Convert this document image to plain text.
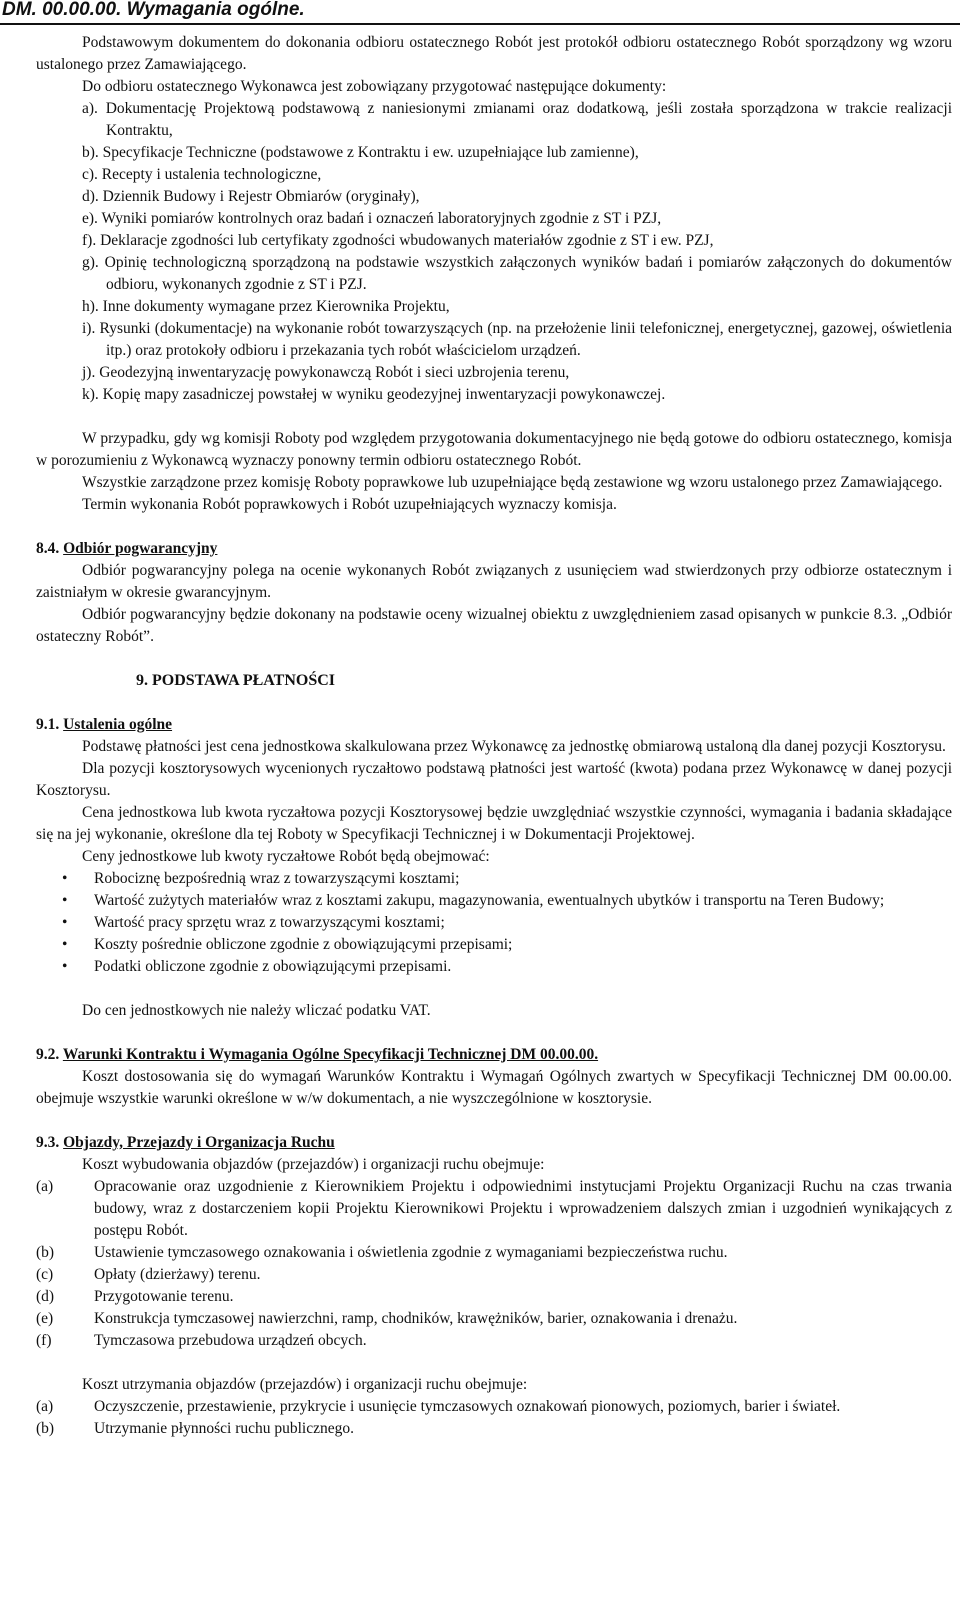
DM. 00.00.00. Wymagania ogólne.

Podstawowym dokumentem do dokonania odbioru ostatecznego Robót jest protokół odbioru ostatecznego Robót sporządzony wg wzoru ustalonego przez Zamawiającego.

Do odbioru ostatecznego Wykonawca jest zobowiązany przygotować następujące dokumenty:

a). Dokumentację Projektową podstawową z naniesionymi zmianami oraz dodatkową, jeśli została sporządzona w trakcie realizacji Kontraktu,
b). Specyfikacje Techniczne (podstawowe z Kontraktu i ew. uzupełniające lub zamienne),
c). Recepty i ustalenia technologiczne,
d). Dziennik Budowy i Rejestr Obmiarów (oryginały),
e). Wyniki pomiarów kontrolnych oraz badań i oznaczeń laboratoryjnych zgodnie z ST i PZJ,
f). Deklaracje zgodności lub certyfikaty zgodności wbudowanych materiałów zgodnie z ST i ew. PZJ,
g). Opinię technologiczną sporządzoną na podstawie wszystkich załączonych wyników badań i pomiarów załączonych do dokumentów odbioru, wykonanych zgodnie z ST i PZJ.
h). Inne dokumenty wymagane przez Kierownika Projektu,
i). Rysunki (dokumentacje) na wykonanie robót towarzyszących (np. na przełożenie linii telefonicznej, energetycznej, gazowej, oświetlenia itp.) oraz protokoły odbioru i przekazania tych robót właścicielom urządzeń.
j). Geodezyjną inwentaryzację powykonawczą Robót i sieci uzbrojenia terenu,
k). Kopię mapy zasadniczej powstałej w wyniku geodezyjnej inwentaryzacji powykonawczej.

W przypadku, gdy wg komisji Roboty pod względem przygotowania dokumentacyjnego nie będą gotowe do odbioru ostatecznego, komisja w porozumieniu z Wykonawcą wyznaczy ponowny termin odbioru ostatecznego Robót.

Wszystkie zarządzone przez komisję Roboty poprawkowe lub uzupełniające będą zestawione wg wzoru ustalonego przez Zamawiającego.

Termin wykonania Robót poprawkowych i Robót uzupełniających wyznaczy komisja.

8.4. Odbiór pogwarancyjny

Odbiór pogwarancyjny polega na ocenie wykonanych Robót związanych z usunięciem wad stwierdzonych przy odbiorze ostatecznym i zaistniałym w okresie gwarancyjnym.

Odbiór pogwarancyjny będzie dokonany na podstawie oceny wizualnej obiektu z uwzględnieniem zasad opisanych w punkcie 8.3. „Odbiór ostateczny Robót”.

9. PODSTAWA PŁATNOŚCI

9.1. Ustalenia ogólne

Podstawę płatności jest cena jednostkowa skalkulowana przez Wykonawcę za jednostkę obmiarową ustaloną dla danej pozycji Kosztorysu.

Dla pozycji kosztorysowych wycenionych ryczałtowo podstawą płatności jest wartość (kwota) podana przez Wykonawcę w danej pozycji Kosztorysu.

Cena jednostkowa lub kwota ryczałtowa pozycji Kosztorysowej będzie uwzględniać wszystkie czynności, wymagania i badania składające się na jej wykonanie, określone dla tej Roboty w Specyfikacji Technicznej i w Dokumentacji Projektowej.

Ceny jednostkowe lub kwoty ryczałtowe Robót będą obejmować:

• Robociznę bezpośrednią wraz z towarzyszącymi kosztami;
• Wartość zużytych materiałów wraz z kosztami zakupu, magazynowania, ewentualnych ubytków i transportu na Teren Budowy;
• Wartość pracy sprzętu wraz z towarzyszącymi kosztami;
• Koszty pośrednie obliczone zgodnie z obowiązującymi przepisami;
• Podatki obliczone zgodnie z obowiązującymi przepisami.

Do cen jednostkowych nie należy wliczać podatku VAT.

9.2. Warunki Kontraktu i Wymagania Ogólne Specyfikacji Technicznej DM 00.00.00.

Koszt dostosowania się do wymagań Warunków Kontraktu i Wymagań Ogólnych zwartych w Specyfikacji Technicznej DM 00.00.00. obejmuje wszystkie warunki określone w w/w dokumentach, a nie wyszczególnione w kosztorysie.

9.3. Objazdy, Przejazdy i Organizacja Ruchu

Koszt wybudowania objazdów (przejazdów) i organizacji ruchu obejmuje:

(a)	Opracowanie oraz uzgodnienie z Kierownikiem Projektu i odpowiednimi instytucjami Projektu Organizacji Ruchu na czas trwania budowy, wraz z dostarczeniem kopii Projektu Kierownikowi Projektu i wprowadzeniem dalszych zmian i uzgodnień wynikających z postępu Robót.
(b)	Ustawienie tymczasowego oznakowania i oświetlenia zgodnie z wymaganiami bezpieczeństwa ruchu.
(c)	Opłaty (dzierżawy) terenu.
(d)	Przygotowanie terenu.
(e)	Konstrukcja tymczasowej nawierzchni, ramp, chodników, krawężników, barier, oznakowania i drenażu.
(f)	Tymczasowa przebudowa urządzeń obcych.

Koszt utrzymania objazdów (przejazdów) i organizacji ruchu obejmuje:

(a)	Oczyszczenie, przestawienie, przykrycie i usunięcie tymczasowych oznakowań pionowych, poziomych, barier i świateł.
(b)	Utrzymanie płynności ruchu publicznego.
